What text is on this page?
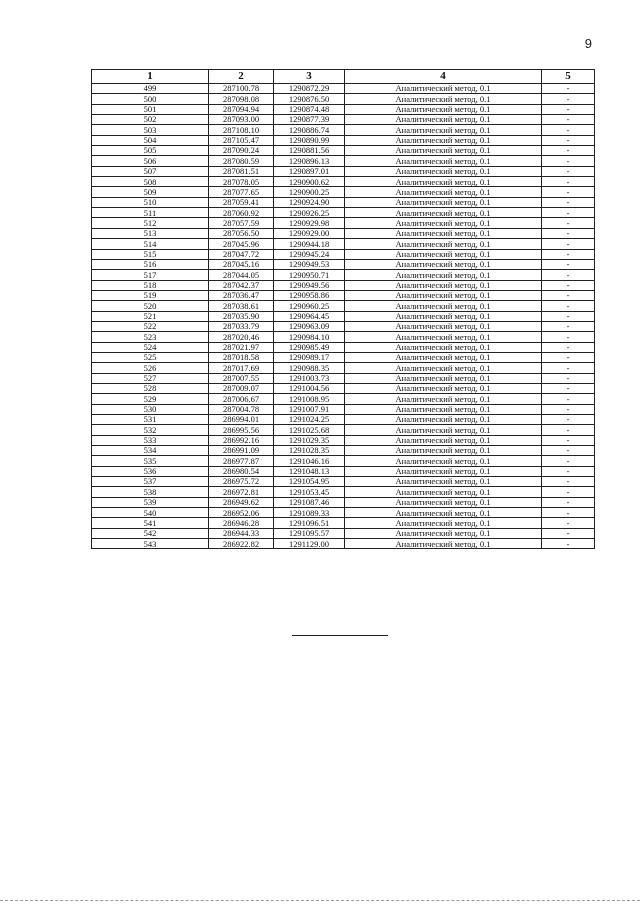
9
1	2	3	4	5
499	287100.78	1290872.29	Аналитический метод, 0.1	-
500	287098.08	1290876.50	Аналитический метод, 0.1	-
501	287094.94	1290874.48	Аналитический метод, 0.1	-
502	287093.00	1290877.39	Аналитический метод, 0.1	-
503	287108.10	1290886.74	Аналитический метод, 0.1	-
504	287105.47	1290890.99	Аналитический метод, 0.1	-
505	287090.24	1290881.56	Аналитический метод, 0.1	-
506	287080.59	1290896.13	Аналитический метод, 0.1	-
507	287081.51	1290897.01	Аналитический метод, 0.1	-
508	287078.05	1290900.62	Аналитический метод, 0.1	-
509	287077.65	1290900.25	Аналитический метод, 0.1	-
510	287059.41	1290924.90	Аналитический метод, 0.1	-
511	287060.92	1290926.25	Аналитический метод, 0.1	-
512	287057.59	1290929.98	Аналитический метод, 0.1	-
513	287056.50	1290929.00	Аналитический метод, 0.1	-
514	287045.96	1290944.18	Аналитический метод, 0.1	-
515	287047.72	1290945.24	Аналитический метод, 0.1	-
516	287045.16	1290949.53	Аналитический метод, 0.1	-
517	287044.05	1290950.71	Аналитический метод, 0.1	-
518	287042.37	1290949.56	Аналитический метод, 0.1	-
519	287036.47	1290958.86	Аналитический метод, 0.1	-
520	287038.61	1290960.25	Аналитический метод, 0.1	-
521	287035.90	1290964.45	Аналитический метод, 0.1	-
522	287033.79	1290963.09	Аналитический метод, 0.1	-
523	287020.46	1290984.10	Аналитический метод, 0.1	-
524	287021.97	1290985.49	Аналитический метод, 0.1	-
525	287018.58	1290989.17	Аналитический метод, 0.1	-
526	287017.69	1290988.35	Аналитический метод, 0.1	-
527	287007.55	1291003.73	Аналитический метод, 0.1	-
528	287009.07	1291004.56	Аналитический метод, 0.1	-
529	287006.67	1291008.95	Аналитический метод, 0.1	-
530	287004.78	1291007.91	Аналитический метод, 0.1	-
531	286994.01	1291024.25	Аналитический метод, 0.1	-
532	286995.56	1291025.68	Аналитический метод, 0.1	-
533	286992.16	1291029.35	Аналитический метод, 0.1	-
534	286991.09	1291028.35	Аналитический метод, 0.1	-
535	286977.87	1291046.16	Аналитический метод, 0.1	-
536	286980.54	1291048.13	Аналитический метод, 0.1	-
537	286975.72	1291054.95	Аналитический метод, 0.1	-
538	286972.81	1291053.45	Аналитический метод, 0.1	-
539	286949.62	1291087.46	Аналитический метод, 0.1	-
540	286952.06	1291089.33	Аналитический метод, 0.1	-
541	286946.28	1291096.51	Аналитический метод, 0.1	-
542	286944.33	1291095.57	Аналитический метод, 0.1	-
543	286922.82	1291129.00	Аналитический метод, 0.1	-
